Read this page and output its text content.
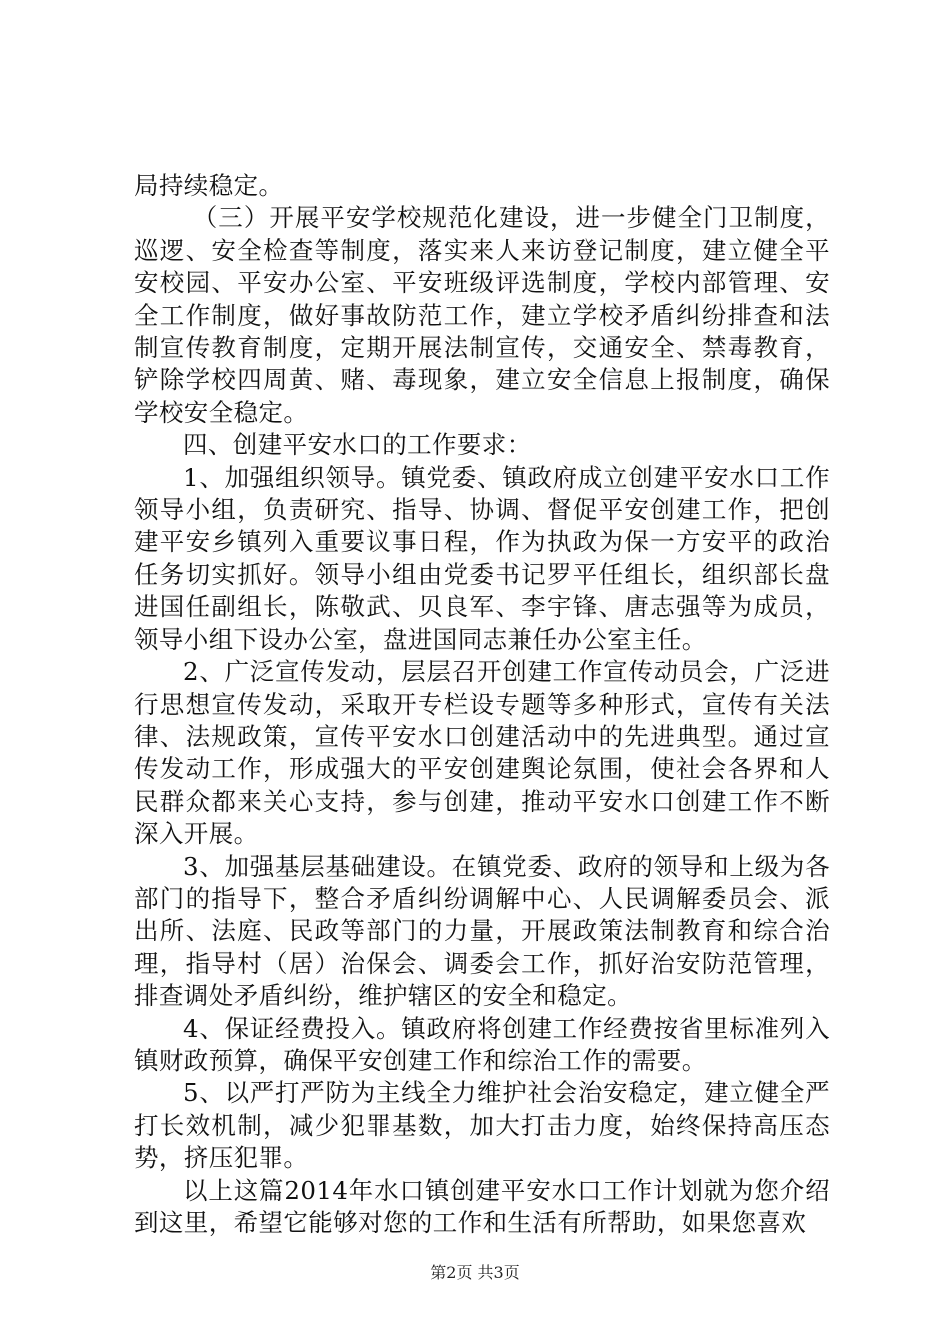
局持续稳定。

（三）开展平安学校规范化建设，进一步健全门卫制度，巡逻、安全检查等制度，落实来人来访登记制度，建立健全平安校园、平安办公室、平安班级评选制度，学校内部管理、安全工作制度，做好事故防范工作，建立学校矛盾纠纷排查和法制宣传教育制度，定期开展法制宣传，交通安全、禁毒教育，铲除学校四周黄、赌、毒现象，建立安全信息上报制度，确保学校安全稳定。

四、创建平安水口的工作要求：

1、加强组织领导。镇党委、镇政府成立创建平安水口工作领导小组，负责研究、指导、协调、督促平安创建工作，把创建平安乡镇列入重要议事日程，作为执政为保一方安平的政治任务切实抓好。领导小组由党委书记罗平任组长，组织部长盘进国任副组长，陈敬武、贝良军、李宇锋、唐志强等为成员，领导小组下设办公室，盘进国同志兼任办公室主任。

2、广泛宣传发动，层层召开创建工作宣传动员会，广泛进行思想宣传发动，采取开专栏设专题等多种形式，宣传有关法律、法规政策，宣传平安水口创建活动中的先进典型。通过宣传发动工作，形成强大的平安创建舆论氛围，使社会各界和人民群众都来关心支持，参与创建，推动平安水口创建工作不断深入开展。

3、加强基层基础建设。在镇党委、政府的领导和上级为各部门的指导下，整合矛盾纠纷调解中心、人民调解委员会、派出所、法庭、民政等部门的力量，开展政策法制教育和综合治理，指导村（居）治保会、调委会工作，抓好治安防范管理，排查调处矛盾纠纷，维护辖区的安全和稳定。

4、保证经费投入。镇政府将创建工作经费按省里标准列入镇财政预算，确保平安创建工作和综治工作的需要。

5、以严打严防为主线全力维护社会治安稳定，建立健全严打长效机制，减少犯罪基数，加大打击力度，始终保持高压态势，挤压犯罪。

以上这篇2014年水口镇创建平安水口工作计划就为您介绍到这里，希望它能够对您的工作和生活有所帮助，如果您喜欢

第2页 共3页
